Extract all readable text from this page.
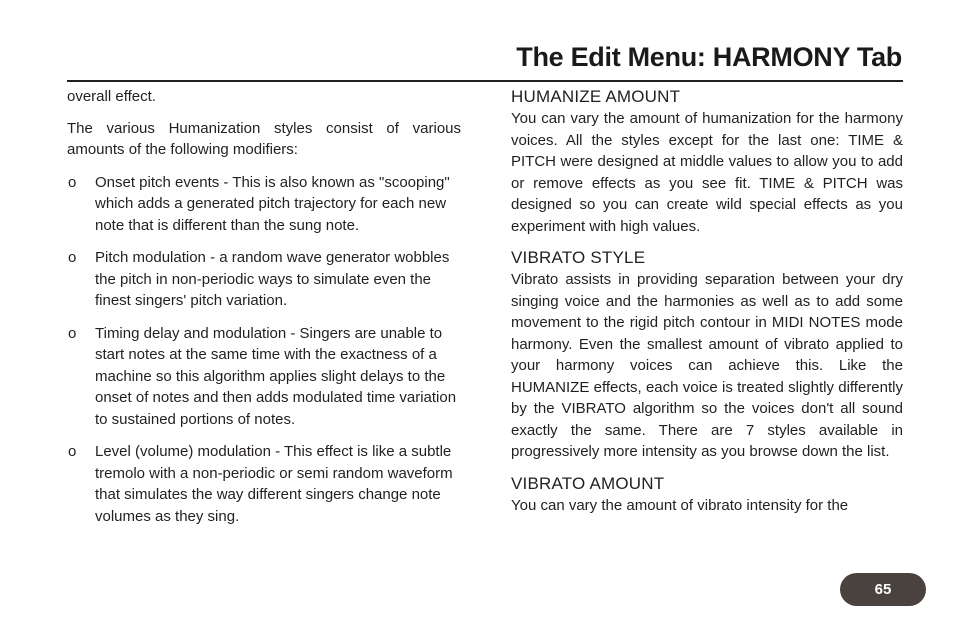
The Edit Menu: HARMONY Tab

overall effect.

The various Humanization styles consist of various amounts of the following modifiers:

o Onset pitch events - This is also known as "scooping" which adds a generated pitch trajectory for each new note that is different than the sung note.
o Pitch modulation - a random wave generator wobbles the pitch in non-periodic ways to simulate even the finest singers' pitch variation.
o Timing delay and modulation - Singers are unable to start notes at the same time with the exactness of a machine so this algorithm applies slight delays to the onset of notes and then adds modulated time variation to sustained portions of notes.
o Level (volume) modulation - This effect is like a subtle tremolo with a non-periodic or semi random waveform that simulates the way different singers change note volumes as they sing.
HUMANIZE AMOUNT

You can vary the amount of humanization for the harmony voices. All the styles except for the last one: TIME & PITCH were designed at middle values to allow you to add or remove effects as you see fit. TIME & PITCH was designed so you can create wild special effects as you experiment with high values.

VIBRATO STYLE

Vibrato assists in providing separation between your dry singing voice and the harmonies as well as to add some movement to the rigid pitch contour in MIDI NOTES mode harmony. Even the smallest amount of vibrato applied to your harmony voices can achieve this. Like the HUMANIZE effects, each voice is treated slightly differently by the VIBRATO algorithm so the voices don't all sound exactly the same. There are 7 styles available in progressively more intensity as you browse down the list.

VIBRATO AMOUNT

You can vary the amount of vibrato intensity for the

65
